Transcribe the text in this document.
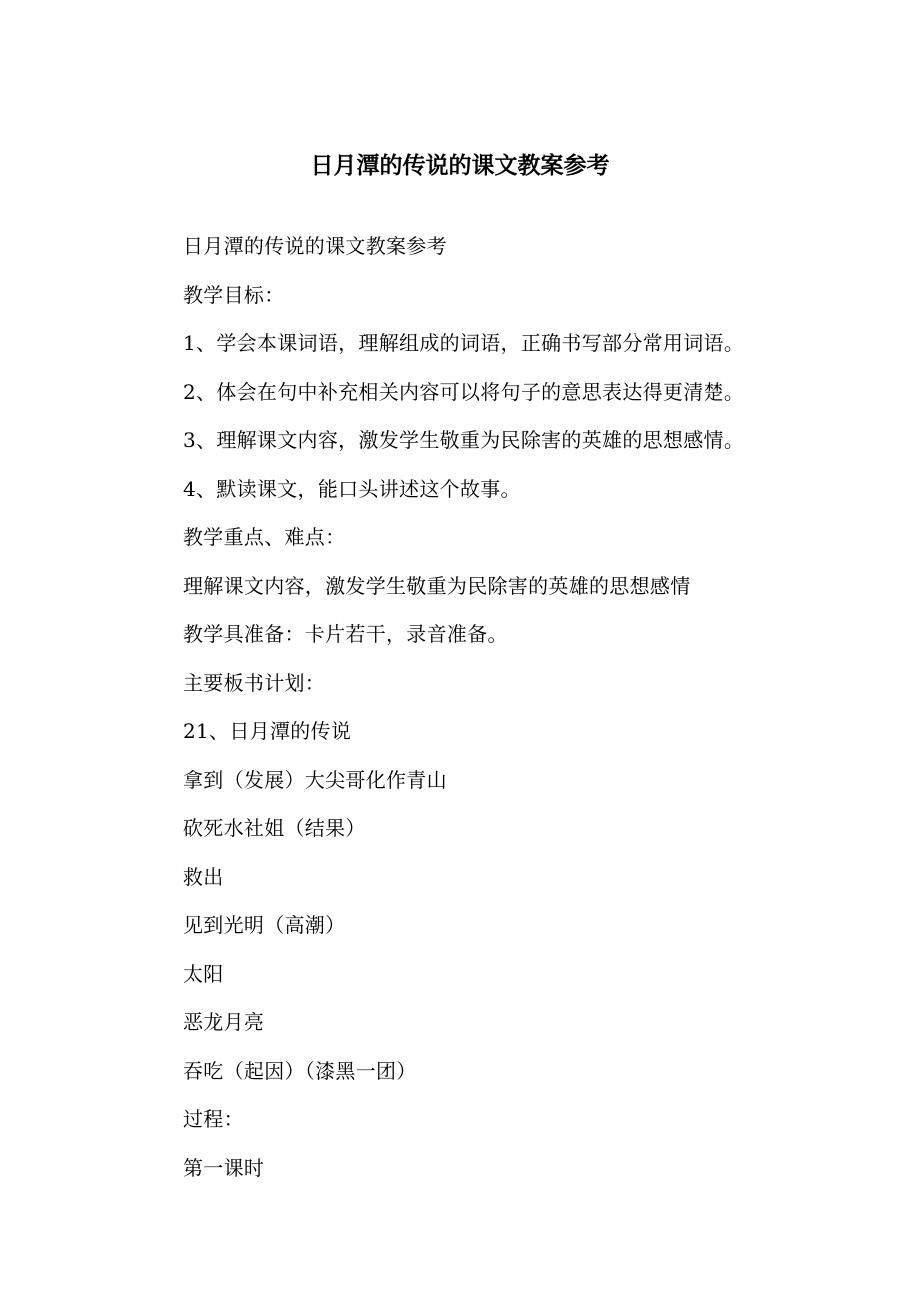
日月潭的传说的课文教案参考
日月潭的传说的课文教案参考
教学目标：
1、学会本课词语，理解组成的词语，正确书写部分常用词语。
2、体会在句中补充相关内容可以将句子的意思表达得更清楚。
3、理解课文内容，激发学生敬重为民除害的英雄的思想感情。
4、默读课文，能口头讲述这个故事。
教学重点、难点：
理解课文内容，激发学生敬重为民除害的英雄的思想感情
教学具准备：卡片若干，录音准备。
主要板书计划：
21、日月潭的传说
拿到（发展）大尖哥化作青山
砍死水社姐（结果）
救出
见到光明（高潮）
太阳
恶龙月亮
吞吃（起因）（漆黑一团）
过程：
第一课时
